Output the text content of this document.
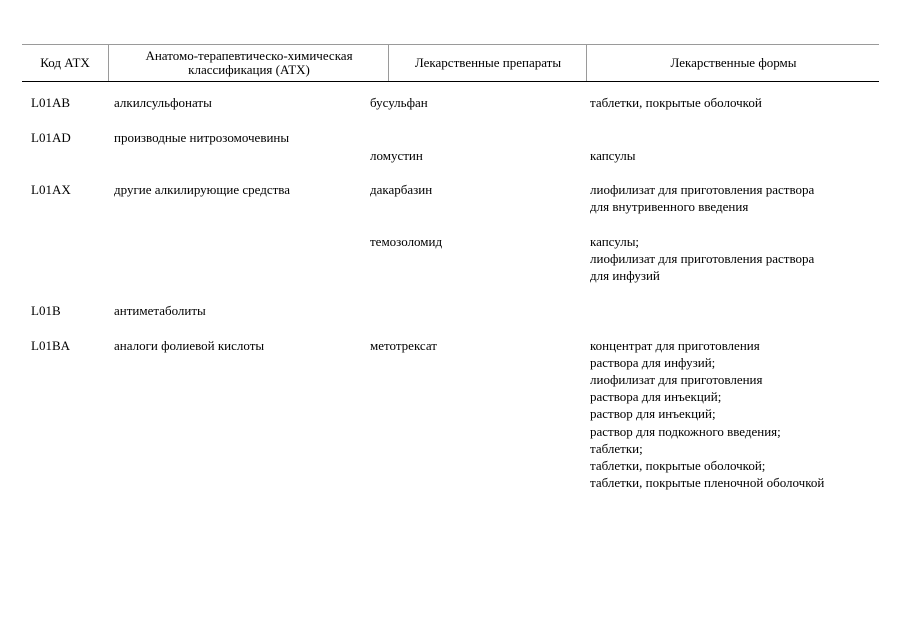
Код АТХ	Анатомо-терапевтическо-химическая
классификация (АТХ)	Лекарственные препараты	Лекарственные формы
L01AB	алкилсульфонаты	бусульфан	таблетки, покрытые оболочкой
L01AD	производные нитрозомочевины
ломустин	капсулы
L01AX	другие алкилирующие средства	дакарбазин	лиофилизат для приготовления раствора
для внутривенного введения
темозоломид	капсулы;
лиофилизат для приготовления раствора
для инфузий
L01B	антиметаболиты
L01BA	аналоги фолиевой кислоты	метотрексат	концентрат для приготовления
раствора для инфузий;
лиофилизат для приготовления
раствора для инъекций;
раствор для инъекций;
раствор для подкожного введения;
таблетки;
таблетки, покрытые оболочкой;
таблетки, покрытые пленочной оболочкой
